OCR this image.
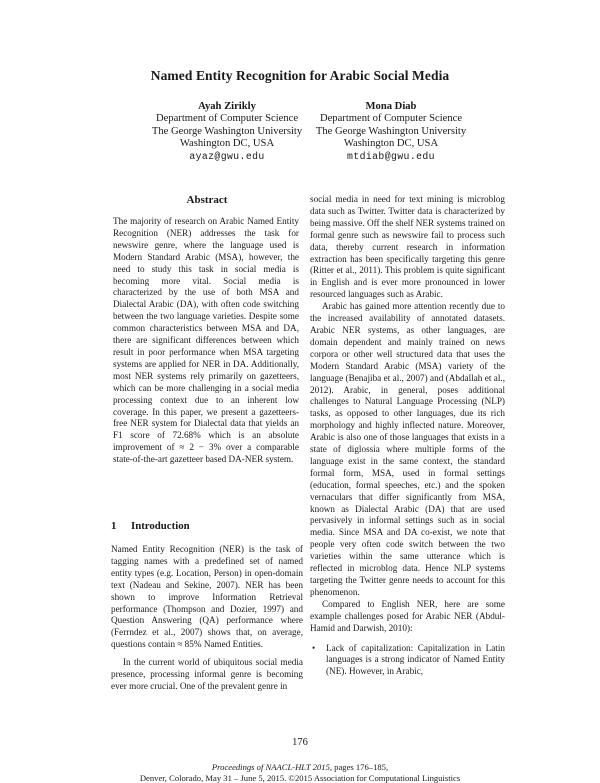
Named Entity Recognition for Arabic Social Media
Ayah Zirikly
Department of Computer Science
The George Washington University
Washington DC, USA
ayaz@gwu.edu
Mona Diab
Department of Computer Science
The George Washington University
Washington DC, USA
mtdiab@gwu.edu
Abstract
The majority of research on Arabic Named Entity Recognition (NER) addresses the task for newswire genre, where the language used is Modern Standard Arabic (MSA), however, the need to study this task in social media is becoming more vital. Social media is characterized by the use of both MSA and Dialectal Arabic (DA), with often code switching between the two language varieties. Despite some common characteristics between MSA and DA, there are significant differences between which result in poor performance when MSA targeting systems are applied for NER in DA. Additionally, most NER systems rely primarily on gazetteers, which can be more challenging in a social media processing context due to an inherent low coverage. In this paper, we present a gazetteers-free NER system for Dialectal data that yields an F1 score of 72.68% which is an absolute improvement of ≈ 2 − 3% over a comparable state-of-the-art gazetteer based DA-NER system.
1 Introduction

Named Entity Recognition (NER) is the task of tagging names with a predefined set of named entity types (e.g. Location, Person) in open-domain text (Nadeau and Sekine, 2007). NER has been shown to improve Information Retrieval performance (Thompson and Dozier, 1997) and Question Answering (QA) performance where (Ferrndez et al., 2007) shows that, on average, questions contain ≈ 85% Named Entities.

In the current world of ubiquitous social media presence, processing informal genre is becoming ever more crucial. One of the prevalent genre in

social media in need for text mining is microblog data such as Twitter. Twitter data is characterized by being massive. Off the shelf NER systems trained on formal genre such as newswire fail to process such data, thereby current research in information extraction has been specifically targeting this genre (Ritter et al., 2011). This problem is quite significant in English and is ever more pronounced in lower resourced languages such as Arabic.

Arabic has gained more attention recently due to the increased availability of annotated datasets. Arabic NER systems, as other languages, are domain dependent and mainly trained on news corpora or other well structured data that uses the Modern Standard Arabic (MSA) variety of the language (Benajiba et al., 2007) and (Abdallah et al., 2012). Arabic, in general, poses additional challenges to Natural Language Processing (NLP) tasks, as opposed to other languages, due its rich morphology and highly inflected nature. Moreover, Arabic is also one of those languages that exists in a state of diglossia where multiple forms of the language exist in the same context, the standard formal form, MSA, used in formal settings (education, formal speeches, etc.) and the spoken vernaculars that differ significantly from MSA, known as Dialectal Arabic (DA) that are used pervasively in informal settings such as in social media. Since MSA and DA co-exist, we note that people very often code switch between the two varieties within the same utterance which is reflected in microblog data. Hence NLP systems targeting the Twitter genre needs to account for this phenomenon.

Compared to English NER, here are some example challenges posed for Arabic NER (Abdul-Hamid and Darwish, 2010):

•	Lack of capitalization: Capitalization in Latin languages is a strong indicator of Named Entity (NE). However, in Arabic,
176
Proceedings of NAACL-HLT 2015, pages 176–185,
Denver, Colorado, May 31 – June 5, 2015. ©2015 Association for Computational Linguistics
